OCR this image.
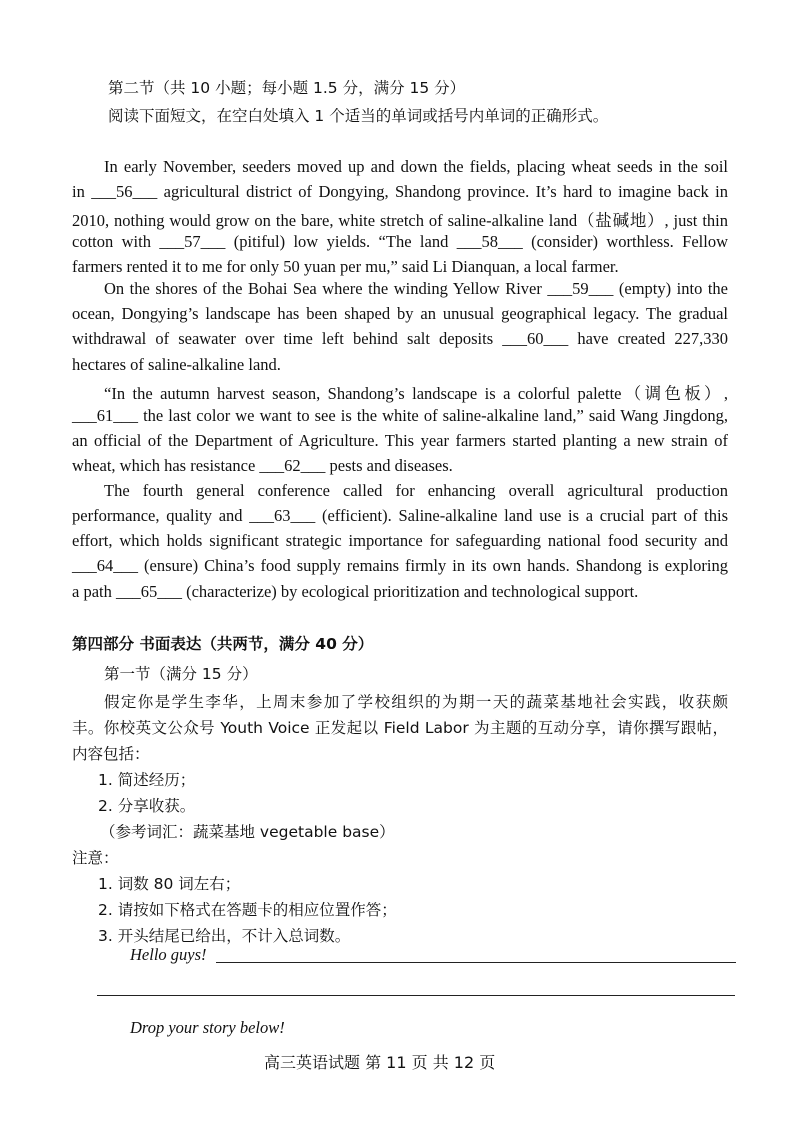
第二节（共 10 小题；每小题 1.5 分，满分 15 分）
阅读下面短文，在空白处填入 1 个适当的单词或括号内单词的正确形式。
In early November, seeders moved up and down the fields, placing wheat seeds in the soil
in ___56___ agricultural district of Dongying, Shandong province. It’s hard to imagine back in
2010, nothing would grow on the bare, white stretch of saline-alkaline land（盐碱地）, just thin
cotton with ___57___ (pitiful) low yields. “The land ___58___ (consider) worthless. Fellow
farmers rented it to me for only 50 yuan per mu,” said Li Dianquan, a local farmer.
On the shores of the Bohai Sea where the winding Yellow River ___59___ (empty) into the
ocean, Dongying’s landscape has been shaped by an unusual geographical legacy. The gradual
withdrawal of seawater over time left behind salt deposits ___60___ have created 227,330
hectares of saline-alkaline land.
“In the autumn harvest season, Shandong’s landscape is a colorful palette（调色板）,
___61___ the last color we want to see is the white of saline-alkaline land,” said Wang Jingdong,
an official of the Department of Agriculture. This year farmers started planting a new strain of
wheat, which has resistance ___62___ pests and diseases.
The fourth general conference called for enhancing overall agricultural production
performance, quality and ___63___ (efficient). Saline-alkaline land use is a crucial part of this
effort, which holds significant strategic importance for safeguarding national food security and
___64___ (ensure) China’s food supply remains firmly in its own hands. Shandong is exploring
a path ___65___ (characterize) by ecological prioritization and technological support.
第四部分 书面表达（共两节，满分 40 分）
第一节（满分 15 分）
假定你是学生李华，上周末参加了学校组织的为期一天的蔬菜基地社会实践，收获颇
丰。你校英文公众号 Youth Voice 正发起以 Field Labor 为主题的互动分享，请你撰写跟帖，
内容包括：
1. 简述经历；
2. 分享收获。
（参考词汇：蔬菜基地 vegetable base）
注意：
1. 词数 80 词左右；
2. 请按如下格式在答题卡的相应位置作答；
3. 开头结尾已给出，不计入总词数。
Hello guys!
Drop your story below!
高三英语试题 第 11 页 共 12 页
